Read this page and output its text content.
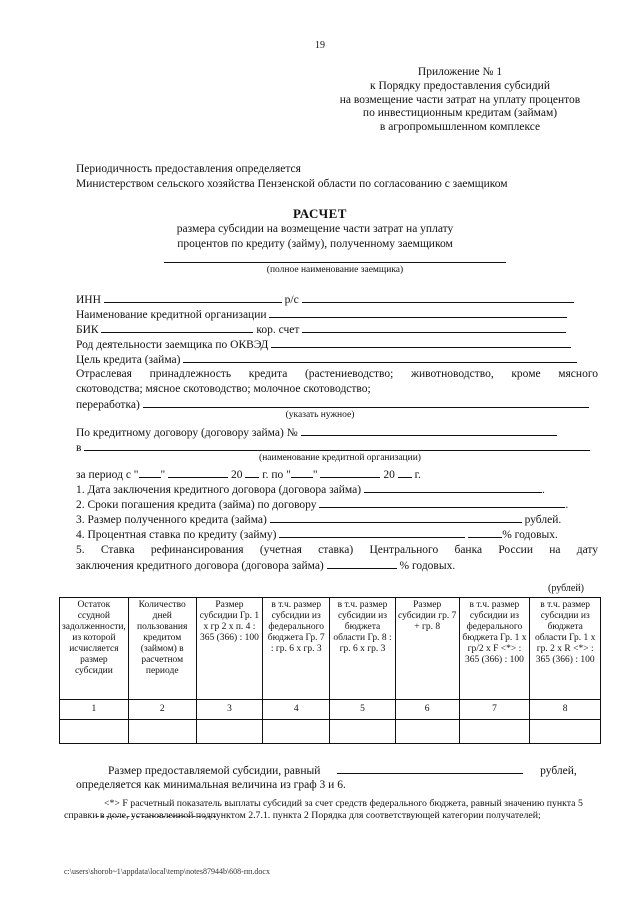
19
Приложение № 1
к Порядку предоставления субсидий
на возмещение части затрат на уплату процентов
по инвестиционным кредитам (займам)
в агропромышленном комплексе
Периодичность предоставления определяется
Министерством сельского хозяйства Пензенской области по согласованию с заемщиком
РАСЧЕТ
размера субсидии на возмещение части затрат на уплату
процентов по кредиту (займу), полученному заемщиком
(полное наименование заемщика)
ИНН	р/с
Наименование кредитной организации
БИК	кор. счет
Род деятельности заемщика по ОКВЭД
Цель кредита (займа)
Отраслевая принадлежность кредита (растениеводство; животноводство, кроме мясного
скотоводства; мясное скотоводство; молочное скотоводство;
переработка)
(указать нужное)
По кредитному договору (договору займа) №
в
(наименование кредитной организации)
за период с " "	20 г. по " "	20 г.
1. Дата заключения кредитного договора (договора займа)	.
2. Сроки погашения кредита (займа) по договору	.
3. Размер полученного кредита (займа)	рублей.
4. Процентная ставка по кредиту (займу)	% годовых.
5. Ставка рефинансирования (учетная ставка) Центрального банка России на дату
заключения кредитного договора (договора займа)	% годовых.
(рублей)
Остаток ссудной задолженности, из которой исчисляется размер субсидии	Количество дней пользования кредитом (займом) в расчетном периоде	Размер субсидии Гр. 1 х гр 2 х п. 4 : 365 (366) : 100	в т.ч. размер субсидии из федерального бюджета Гр. 7 : гр. 6 х гр. 3	в т.ч. размер субсидии из бюджета области Гр. 8 : гр. 6 х гр. 3	Размер субсидии гр. 7 + гр. 8	в т.ч. размер субсидии из федерального бюджета Гр. 1 х гр/2 х F <*> : 365 (366) : 100	в т.ч. размер субсидии из бюджета области Гр. 1 х гр. 2 х R <*> : 365 (366) : 100
1	2	3	4	5	6	7	8

Размер предоставляемой субсидии, равный	рублей,
определяется как минимальная величина из граф 3 и 6.
<*> F расчетный показатель выплаты субсидий за счет средств федерального бюджета, равный значению пункта 5 справки в доле, установленной подпунктом 2.7.1. пункта 2 Порядка для соответствующей категории получателей;
c:\users\shorob~1\appdata\local\temp\notes87944b\608-пп.docx
